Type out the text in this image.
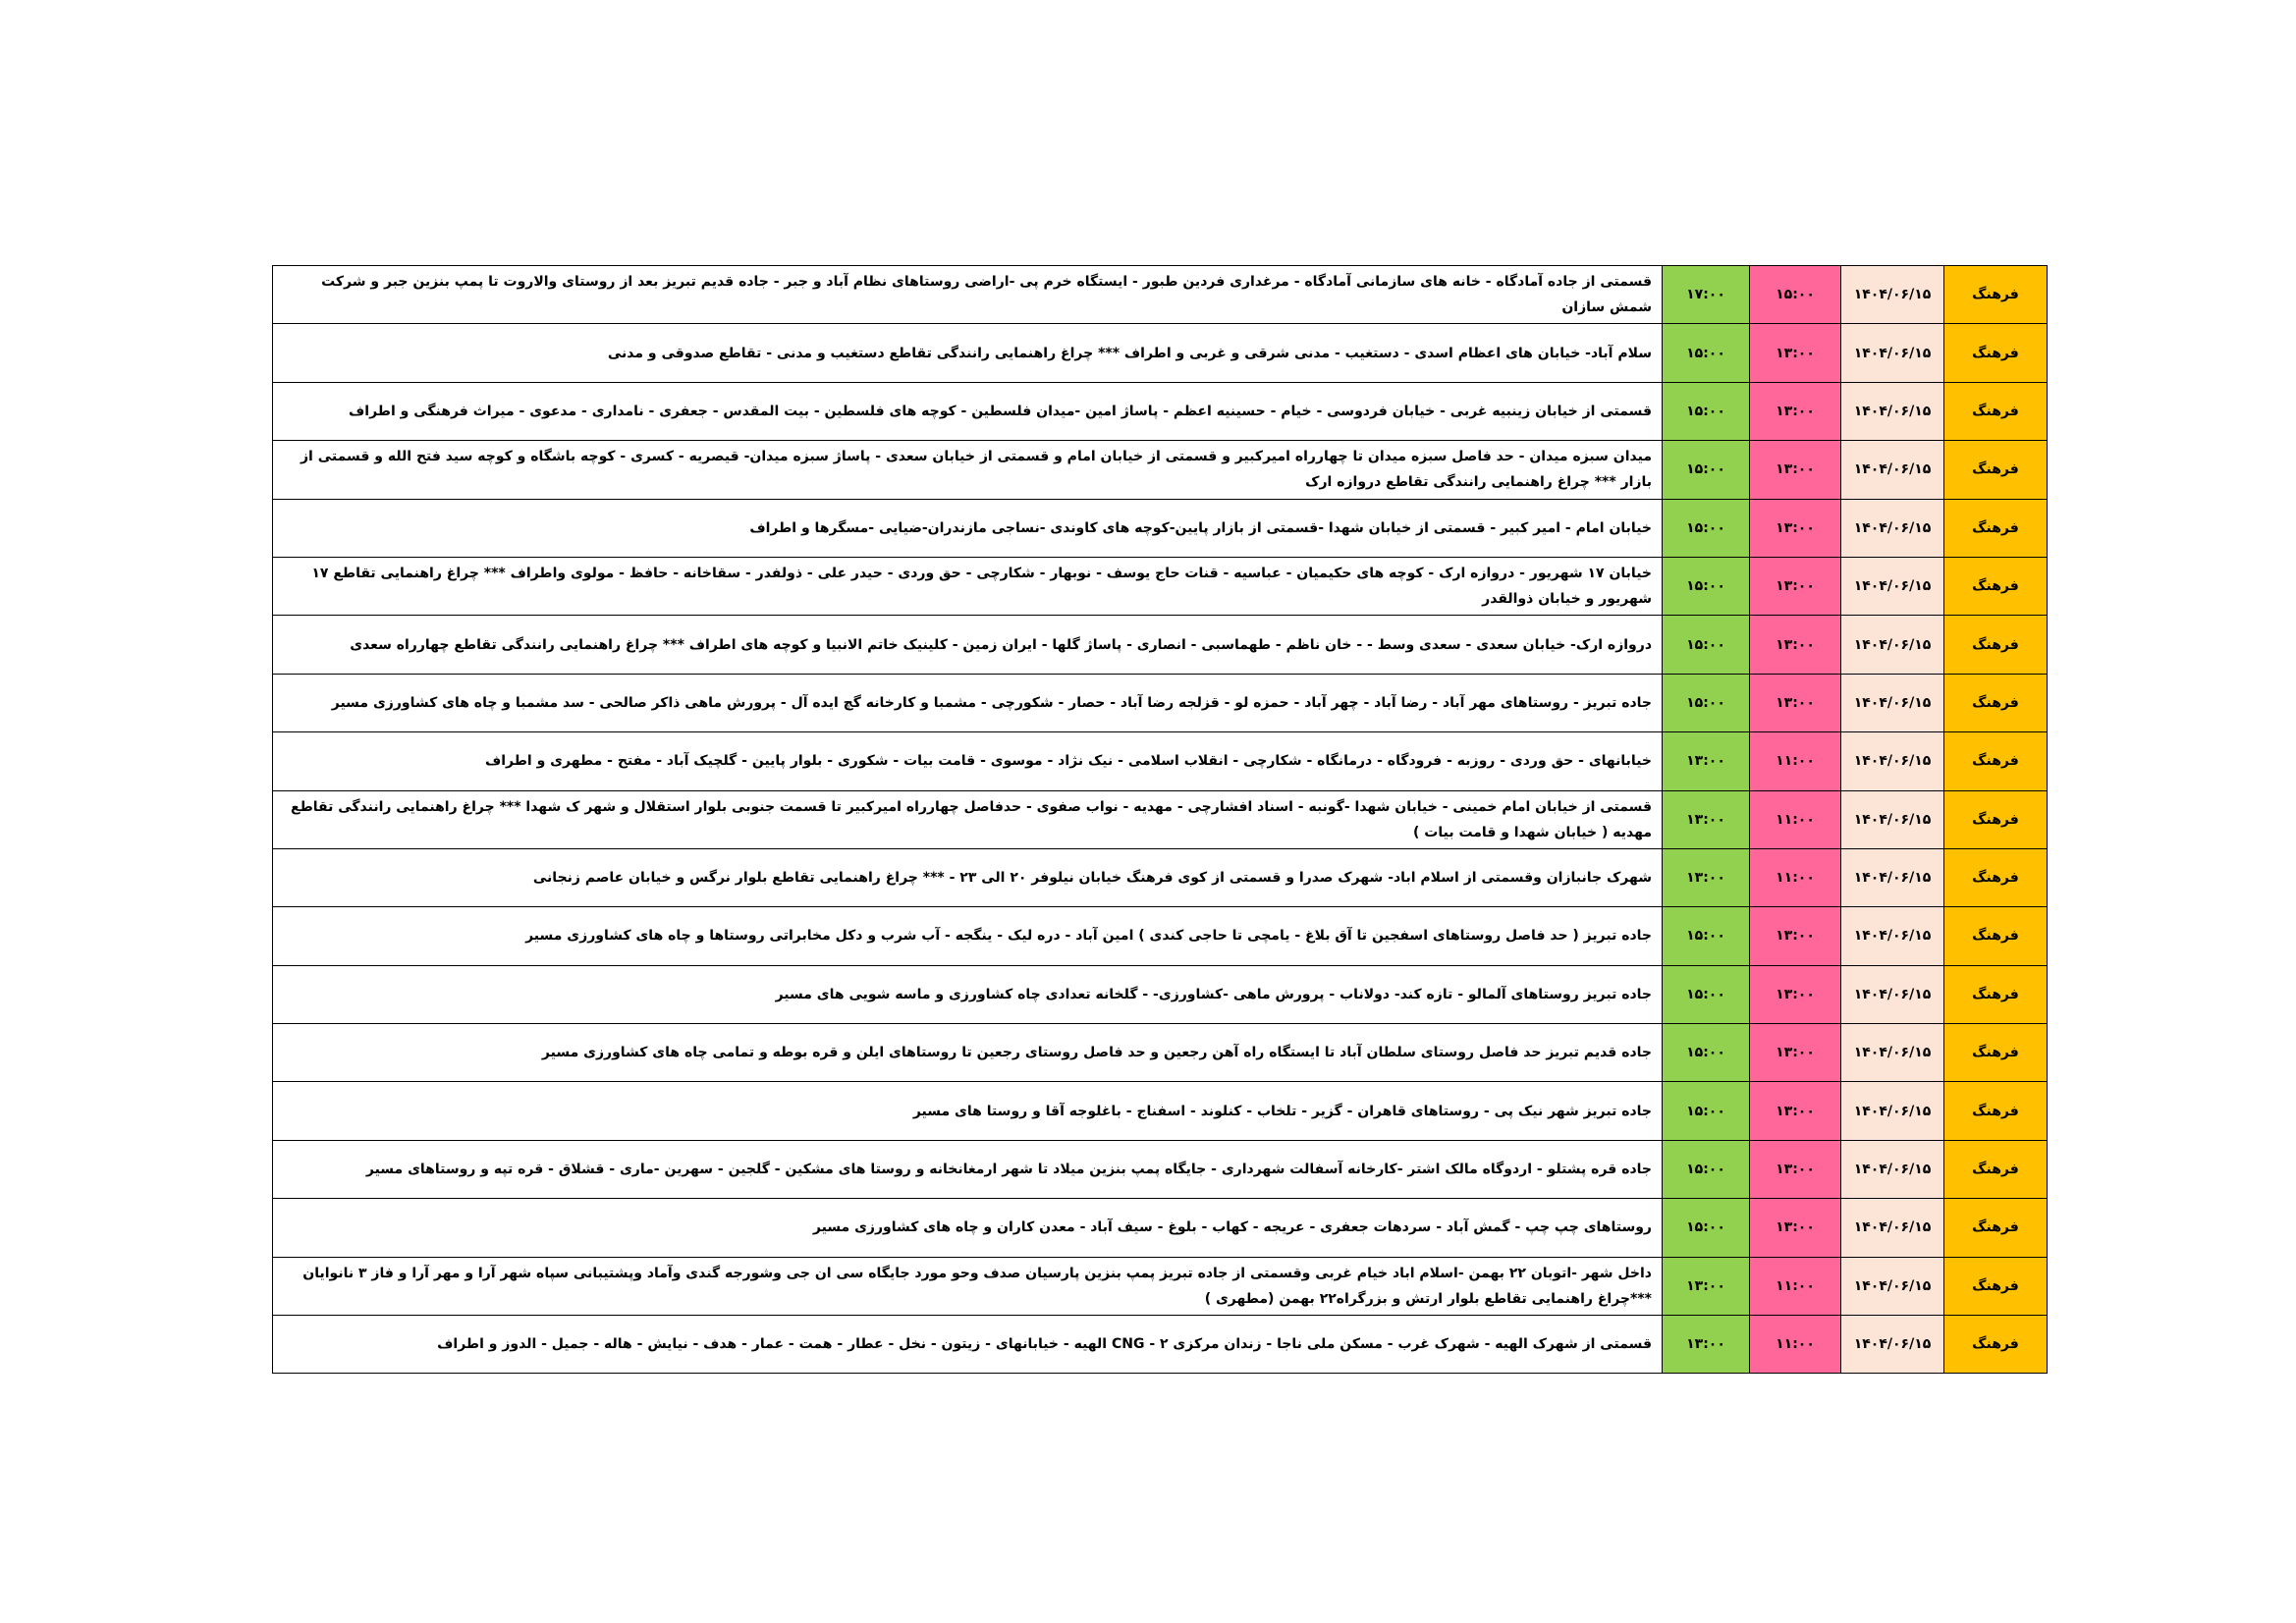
فرهنگ	۱۴۰۴/۰۶/۱۵	۱۵:۰۰	۱۷:۰۰	قسمتی از جاده آمادگاه - خانه های سازمانی آمادگاه - مرغداری فردین طبور - ایستگاه خرم پی -اراضی روستاهای نظام آباد و جبر - جاده قدیم تبریز بعد از روستای والاروت تا پمپ بنزین جبر و شرکت شمش سازان
فرهنگ	۱۴۰۴/۰۶/۱۵	۱۳:۰۰	۱۵:۰۰	سلام آباد- خیابان های اعظام اسدی - دستغیب - مدنی شرقی و غربی و اطراف *** چراغ راهنمایی رانندگی تقاطع دستغیب و مدنی - تقاطع صدوقی و مدنی
فرهنگ	۱۴۰۴/۰۶/۱۵	۱۳:۰۰	۱۵:۰۰	قسمتی از خیابان زینبیه غربی - خیابان فردوسی - خیام - حسینیه اعظم - پاساژ امین -میدان فلسطین - کوچه های فلسطین - بیت المقدس - جعفری - نامداری - مدعوی - میراث فرهنگی و اطراف
فرهنگ	۱۴۰۴/۰۶/۱۵	۱۳:۰۰	۱۵:۰۰	میدان سبزه میدان - حد فاصل سبزه میدان تا چهارراه امیرکبیر و قسمتی از خیابان امام و قسمتی از خیابان سعدی - پاساژ سبزه میدان- قیصریه - کسری - کوچه باشگاه و کوچه سید فتح الله و قسمتی از بازار *** چراغ راهنمایی رانندگی تقاطع دروازه ارک
فرهنگ	۱۴۰۴/۰۶/۱۵	۱۳:۰۰	۱۵:۰۰	خیابان امام - امیر کبیر - قسمتی از خیابان شهدا -قسمتی از بازار پایین-کوچه های کاوندی -نساجی مازندران-ضیایی -مسگرها و اطراف
فرهنگ	۱۴۰۴/۰۶/۱۵	۱۳:۰۰	۱۵:۰۰	خیابان ۱۷ شهریور - دروازه ارک - کوچه های حکیمیان - عباسیه - قنات حاج یوسف - نوبهار - شکارچی - حق وردی - حیدر علی - ذولفدر - سقاخانه - حافظ - مولوی واطراف *** چراغ راهنمایی تقاطع ۱۷ شهریور و خیابان ذوالقدر
فرهنگ	۱۴۰۴/۰۶/۱۵	۱۳:۰۰	۱۵:۰۰	دروازه ارک- خیابان سعدی - سعدی وسط - - خان ناظم - طهماسبی - انصاری - پاساژ گلها - ایران زمین - کلینیک خاتم الانبیا و کوچه های اطراف *** چراغ راهنمایی رانندگی تقاطع چهارراه سعدی
فرهنگ	۱۴۰۴/۰۶/۱۵	۱۳:۰۰	۱۵:۰۰	جاده تبریز - روستاهای مهر آباد - رضا آباد - چهر آباد - حمزه لو - قزلجه رضا آباد - حصار - شکورچی - مشمبا و کارخانه گچ ایده آل - پرورش ماهی ذاکر صالحی - سد مشمبا و چاه های کشاورزی مسیر
فرهنگ	۱۴۰۴/۰۶/۱۵	۱۱:۰۰	۱۳:۰۰	خیابانهای - حق وردی - روزبه - فرودگاه - درمانگاه - شکارچی - انقلاب اسلامی - نیک نژاد - موسوی - قامت بیات - شکوری - بلوار پایین - گلچیک آباد - مفتح - مطهری و اطراف
فرهنگ	۱۴۰۴/۰۶/۱۵	۱۱:۰۰	۱۳:۰۰	قسمتی از خیابان امام خمینی - خیابان شهدا -گونبه - اسناد افشارچی - مهدیه - نواب صفوی - حدفاصل چهارراه امیرکبیر تا قسمت جنوبی بلوار استقلال و شهر ک شهدا *** چراغ راهنمایی رانندگی تقاطع مهدیه ( خیابان شهدا و قامت بیات )
فرهنگ	۱۴۰۴/۰۶/۱۵	۱۱:۰۰	۱۳:۰۰	شهرک جانبازان وقسمتی از اسلام اباد- شهرک صدرا و قسمتی از کوی فرهنگ خیابان نیلوفر ۲۰ الی ۲۳ - *** چراغ راهنمایی تقاطع بلوار نرگس و خیابان عاصم زنجانی
فرهنگ	۱۴۰۴/۰۶/۱۵	۱۳:۰۰	۱۵:۰۰	جاده تبریز ( حد فاصل روستاهای اسفجین تا آق بلاغ - یامچی تا حاجی کندی ) امین آباد - دره لیک - ینگجه - آب شرب و دکل مخابراتی روستاها و چاه های کشاورزی مسیر
فرهنگ	۱۴۰۴/۰۶/۱۵	۱۳:۰۰	۱۵:۰۰	جاده تبریز روستاهای آلمالو - تازه کند- دولاناب - پرورش ماهی -کشاورزی- - گلخانه تعدادی چاه کشاورزی و ماسه شویی های مسیر
فرهنگ	۱۴۰۴/۰۶/۱۵	۱۳:۰۰	۱۵:۰۰	جاده قدیم تبریز حد فاصل روستای سلطان آباد تا ایستگاه راه آهن رجعین و حد فاصل روستای رجعین تا روستاهای ایلن و قره بوطه و تمامی چاه های کشاورزی مسیر
فرهنگ	۱۴۰۴/۰۶/۱۵	۱۳:۰۰	۱۵:۰۰	جاده تبریز شهر نیک پی - روستاهای قاهران - گزیر - تلخاب - کنلوند - اسفناج - باغلوجه آقا و روستا های مسیر
فرهنگ	۱۴۰۴/۰۶/۱۵	۱۳:۰۰	۱۵:۰۰	جاده قره پشتلو - اردوگاه مالک اشتر -کارخانه آسفالت شهرداری - جایگاه پمپ بنزین میلاد تا شهر ارمغانخانه و روستا های مشکین - گلجین - سهرین -ماری - قشلاق - قره تپه و روستاهای مسیر
فرهنگ	۱۴۰۴/۰۶/۱۵	۱۳:۰۰	۱۵:۰۰	روستاهای چپ چپ - گمش آباد - سردهات جعفری - عریجه - کهاب - بلوغ - سیف آباد - معدن کاران و چاه های کشاورزی مسیر
فرهنگ	۱۴۰۴/۰۶/۱۵	۱۱:۰۰	۱۳:۰۰	داخل شهر -اتوبان ۲۲ بهمن -اسلام اباد خیام غربی وقسمتی از جاده تبریز پمپ بنزین پارسیان صدف وحو مورد جایگاه سی ان جی وشورجه گندی وآماد وپشتیبانی سپاه شهر آرا و مهر آرا و فاز ۳ نانوایان ***چراغ راهنمایی تقاطع بلوار ارتش و بزرگراه۲۲ بهمن (مطهری )
فرهنگ	۱۴۰۴/۰۶/۱۵	۱۱:۰۰	۱۳:۰۰	قسمتی از شهرک الهیه - شهرک غرب - مسکن ملی ناجا - زندان مرکزی ۲ - CNG الهیه - خیابانهای - زیتون - نخل - عطار - همت - عمار - هدف - نیایش - هاله - جمیل - الدوز و اطراف
